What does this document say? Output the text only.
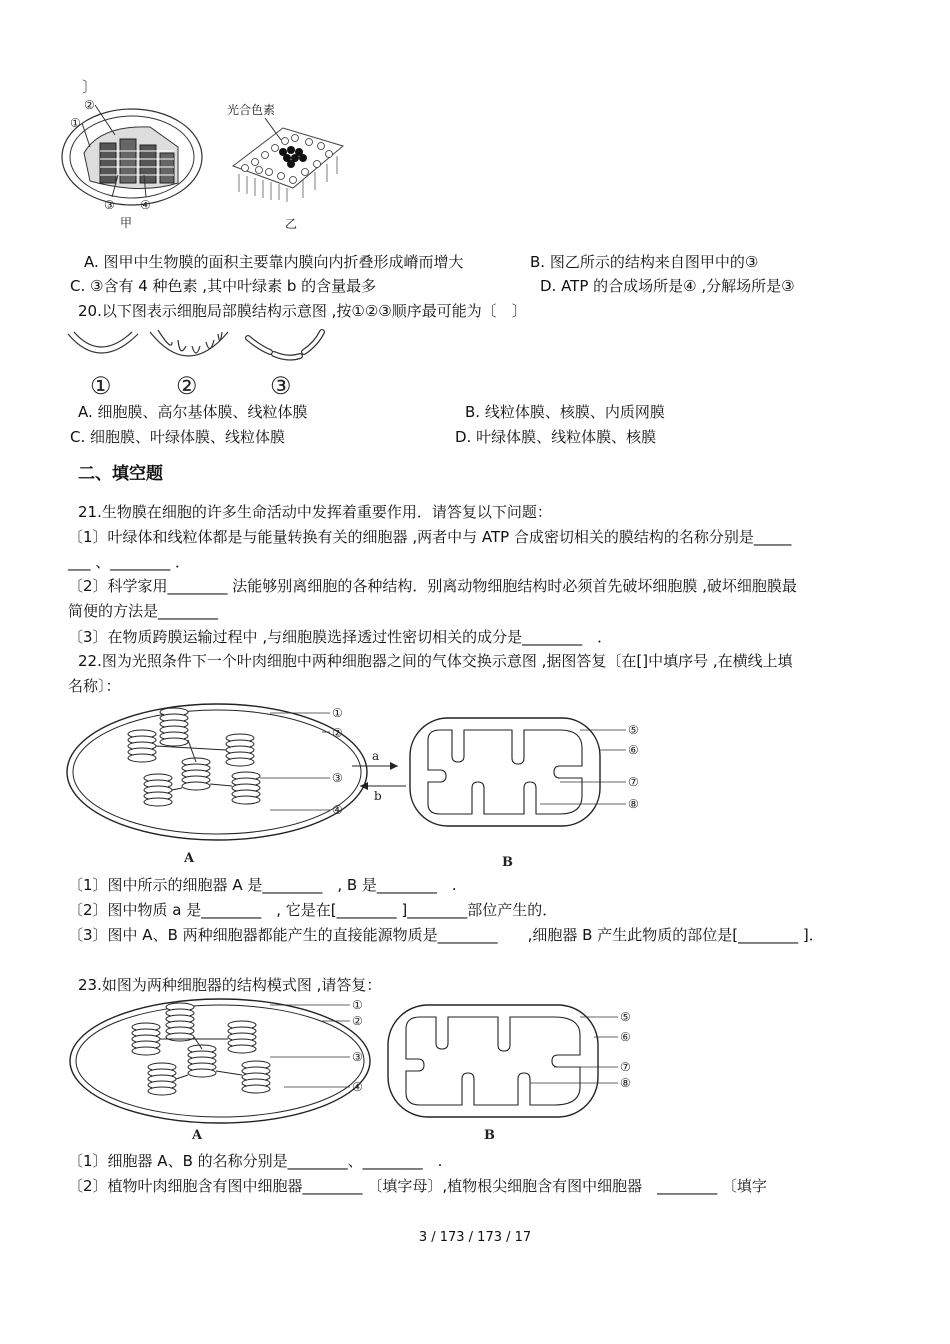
〕
②
①
③ ④
甲
光合色素
乙
A. 图甲中生物膜的面积主要靠内膜向内折叠形成嵴而增大	B. 图乙所示的结构来自图甲中的③
C. ③含有 4 种色素 ,其中叶绿素 b 的含量最多	D. ATP 的合成场所是④ ,分解场所是③
20.以下图表示细胞局部膜结构示意图 ,按①②③顺序最可能为〔　〕
①	②	③
A. 细胞膜、高尔基体膜、线粒体膜	B. 线粒体膜、核膜、内质网膜
C. 细胞膜、叶绿体膜、线粒体膜	D. 叶绿体膜、线粒体膜、核膜
二、填空题
21.生物膜在细胞的许多生命活动中发挥着重要作用．请答复以下问题：
〔1〕叶绿体和线粒体都是与能量转换有关的细胞器 ,两者中与 ATP 合成密切相关的膜结构的名称分别是_____
___ 、________ ．
〔2〕科学家用________ 法能够别离细胞的各种结构．别离动物细胞结构时必须首先破坏细胞膜 ,破坏细胞膜最
简便的方法是________
〔3〕在物质跨膜运输过程中 ,与细胞膜选择透过性密切相关的成分是________　．
22.图为光照条件下一个叶肉细胞中两种细胞器之间的气体交换示意图 ,据图答复〔在[]中填序号 ,在横线上填
名称〕：
①
②
③
④
a
b
⑤
⑥
⑦
⑧
A	B
〔1〕图中所示的细胞器 A 是________　, B 是________　.
〔2〕图中物质 a 是________　, 它是在[________ ]________部位产生的．
〔3〕图中 A、B 两种细胞器都能产生的直接能源物质是________　　,细胞器 B 产生此物质的部位是[________ ]．
23.如图为两种细胞器的结构模式图 ,请答复：
①
②
③
④
⑤
⑥
⑦
⑧
A	B
〔1〕细胞器 A、B 的名称分别是________、________　.
〔2〕植物叶肉细胞含有图中细胞器________ 〔填字母〕,植物根尖细胞含有图中细胞器　________ 〔填字
3 / 173 / 173 / 17
